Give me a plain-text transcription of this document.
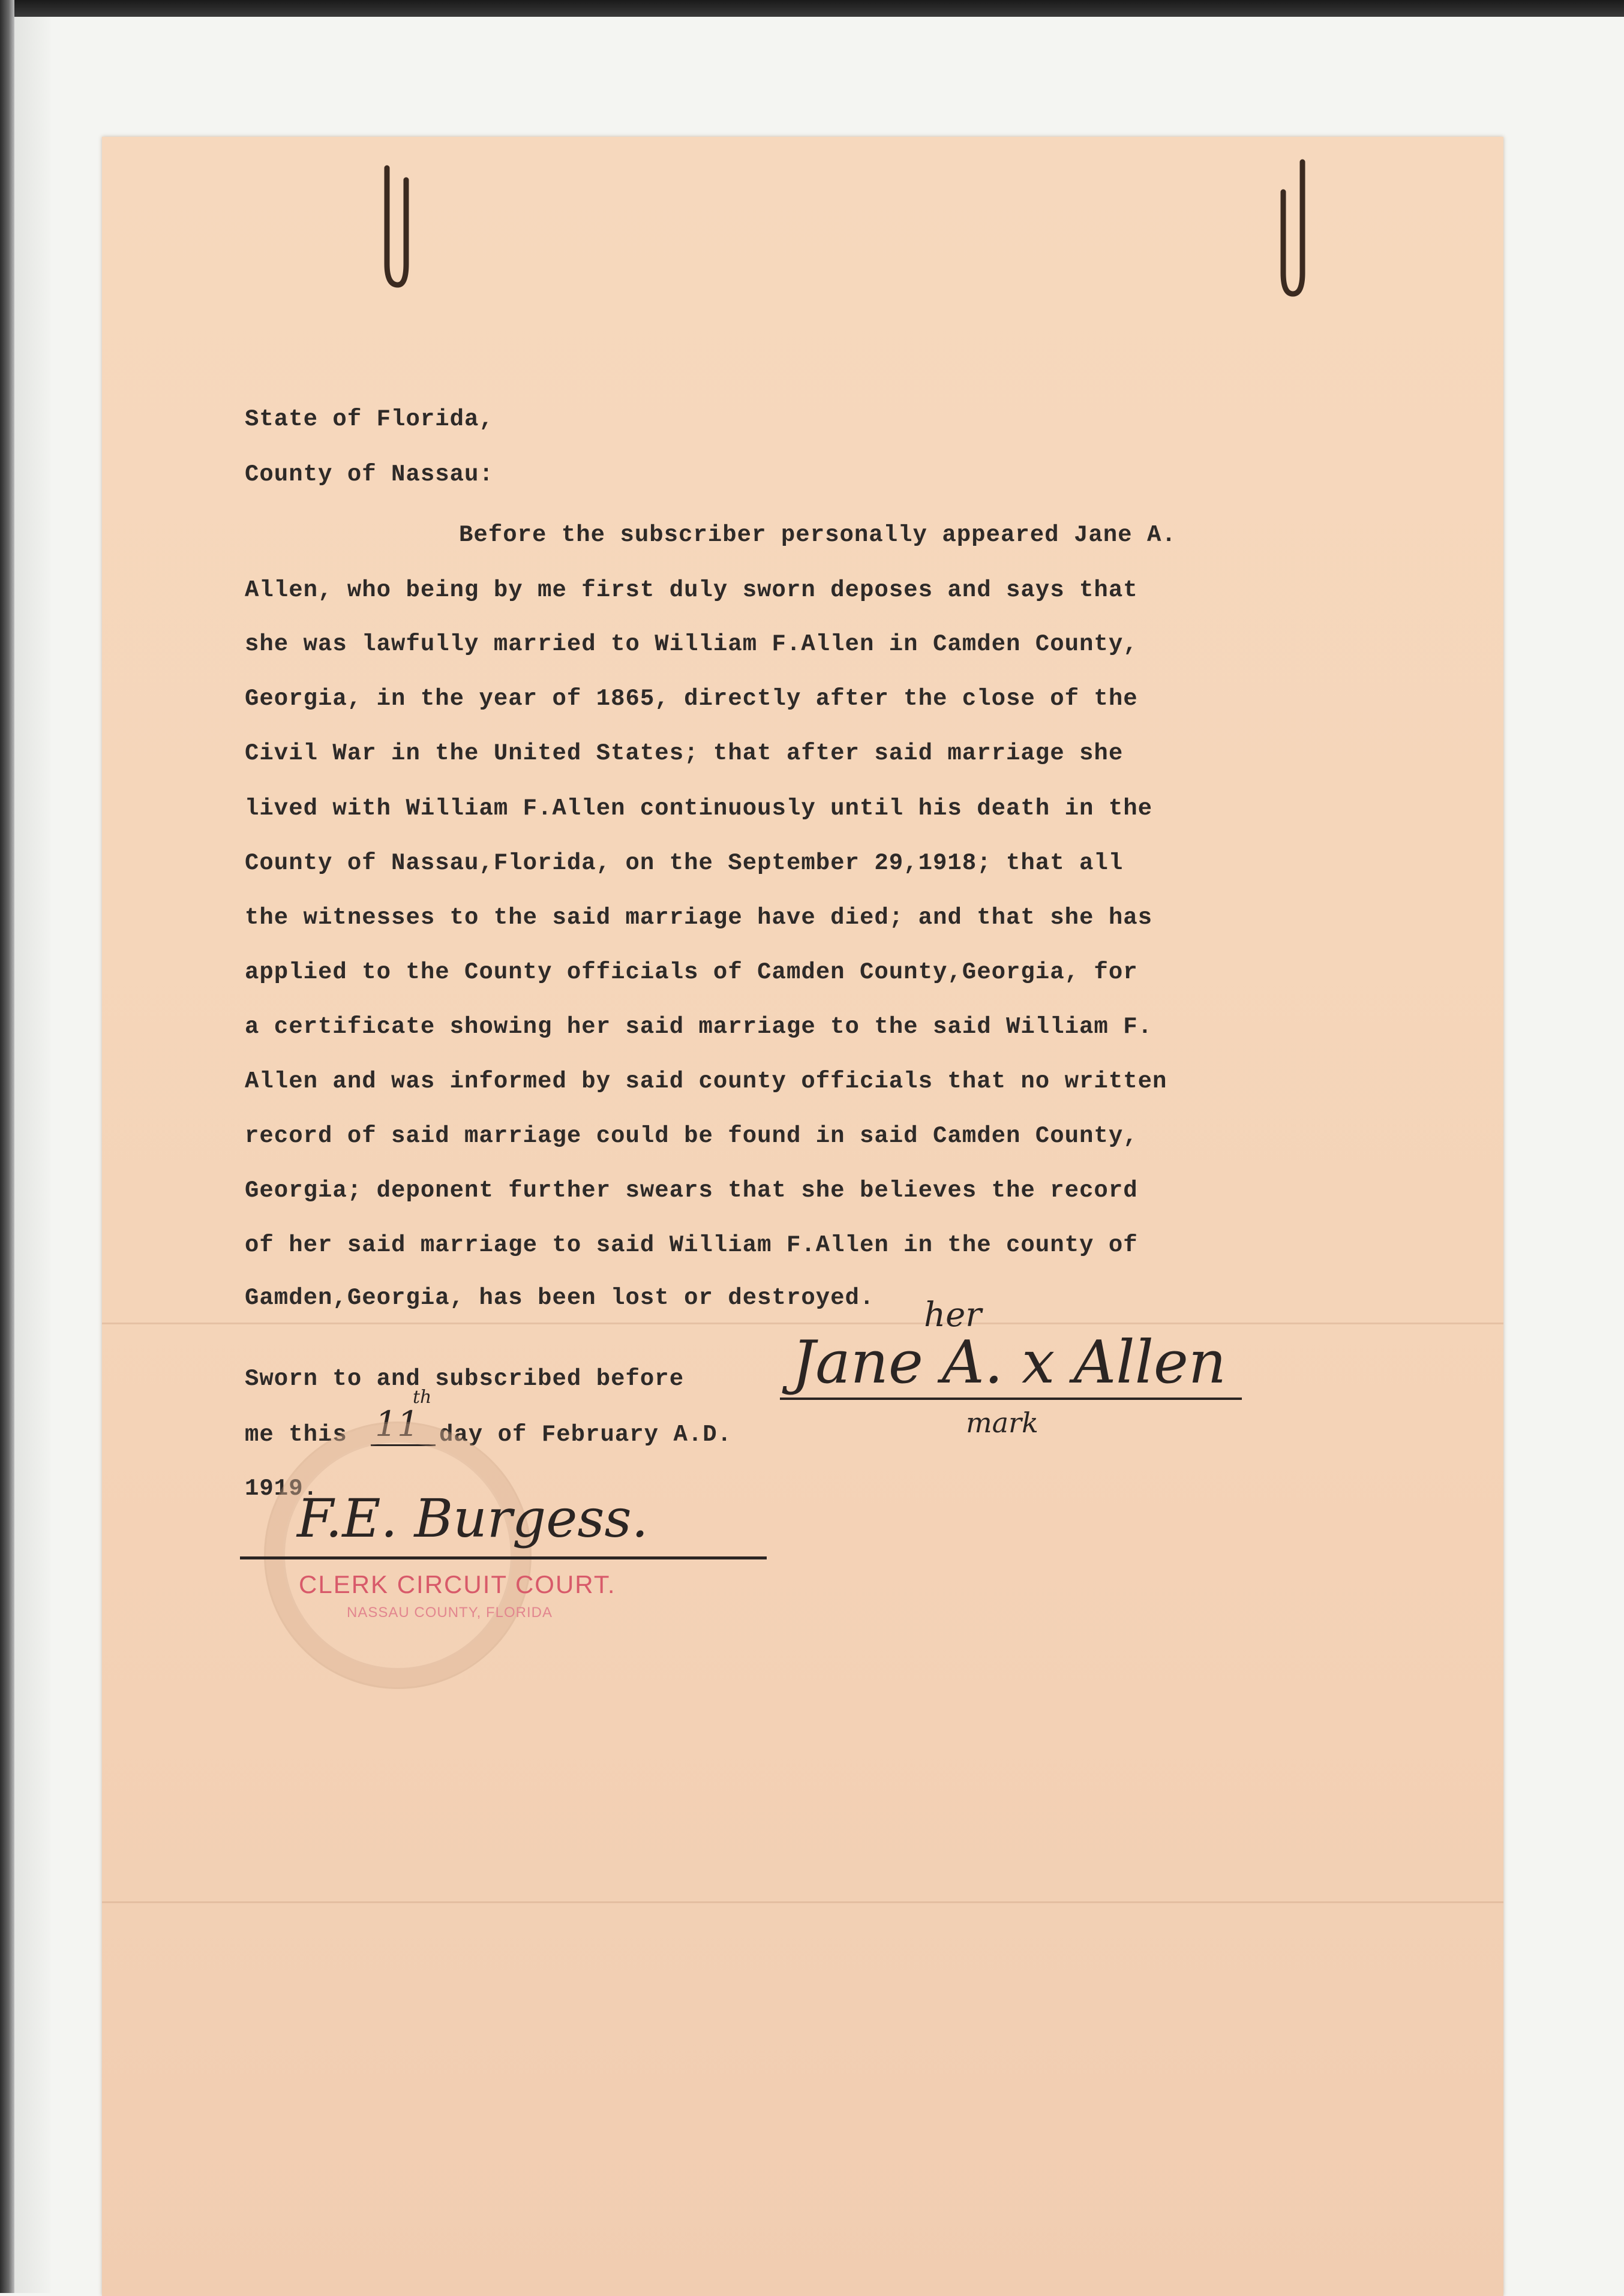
State of Florida,
County of Nassau:
Before the subscriber personally appeared Jane A.
Allen, who being by me first duly sworn deposes and says that
she was lawfully married to William F.Allen in Camden County,
Georgia, in the year of 1865, directly after the close of the
Civil War in the United States; that after said marriage she
lived with William F.Allen continuously until his death in the
County of Nassau,Florida, on the September 29,1918; that all
the witnesses to the said marriage have died; and that she has
applied to the County officials of Camden County,Georgia, for
a certificate showing her said marriage to the said William F.
Allen and was informed by said county officials that no written
record of said marriage could be found in said Camden County,
Georgia; deponent further swears that she believes the record
of her said marriage to said William F.Allen in the county of
Gamden,Georgia, has been lost or destroyed.
Sworn to and subscribed before
me this 11
th
day of February A.D.
1919.
her
Jane A. x Allen
mark
F.E. Burgess.
CLERK CIRCUIT COURT.
NASSAU COUNTY, FLORIDA
